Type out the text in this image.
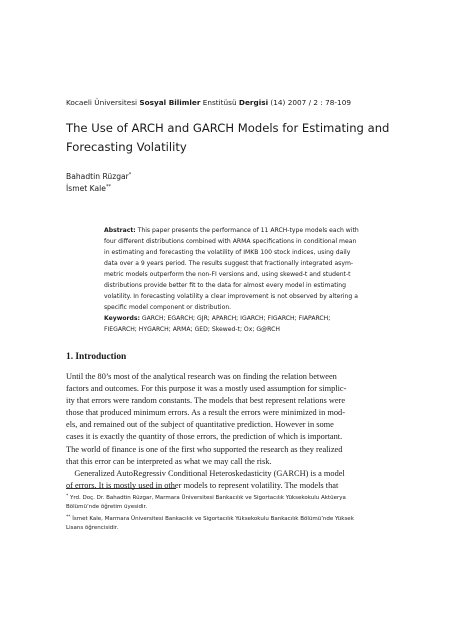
Kocaeli Üniversitesi Sosyal Bilimler Enstitüsü Dergisi (14) 2007 / 2 : 78-109
The Use of ARCH and GARCH Models for Estimating and
Forecasting Volatility
Bahadtin Rüzgar*
İsmet Kale**
Abstract: This paper presents the performance of 11 ARCH-type models each with
four different distributions combined with ARMA specifications in conditional mean
in estimating and forecasting the volatility of IMKB 100 stock indices, using daily
data over a 9 years period. The results suggest that fractionally integrated asym-
metric models outperform the non-FI versions and, using skewed-t and student-t
distributions provide better fit to the data for almost every model in estimating
volatility. In forecasting volatility a clear improvement is not observed by altering a
specific model component or distribution.
Keywords: GARCH; EGARCH; GJR; APARCH; IGARCH; FIGARCH; FIAPARCH;
FIEGARCH; HYGARCH; ARMA; GED; Skewed-t; Ox; G@RCH
1. Introduction
Until the 80’s most of the analytical research was on finding the relation between
factors and outcomes. For this purpose it was a mostly used assumption for simplic-
ity that errors were random constants. The models that best represent relations were
those that produced minimum errors. As a result the errors were minimized in mod-
els, and remained out of the subject of quantitative prediction. However in some
cases it is exactly the quantity of those errors, the prediction of which is important.
The world of finance is one of the first who supported the research as they realized
that this error can be interpreted as what we may call the risk.
Generalized AutoRegressiv Conditional Heteroskedasticity (GARCH) is a model
of errors. It is mostly used in other models to represent volatility. The models that
* Yrd. Doç. Dr. Bahadtin Rüzgar, Marmara Üniversitesi Bankacılık ve Sigortacılık Yüksekokulu Aktüerya
Bölümü’nde öğretim üyesidir.
** İsmet Kale, Marmara Üniversitesi Bankacılık ve Sigortacılık Yüksekokulu Bankacılık Bölümü’nde Yüksek
Lisans öğrencisidir.
